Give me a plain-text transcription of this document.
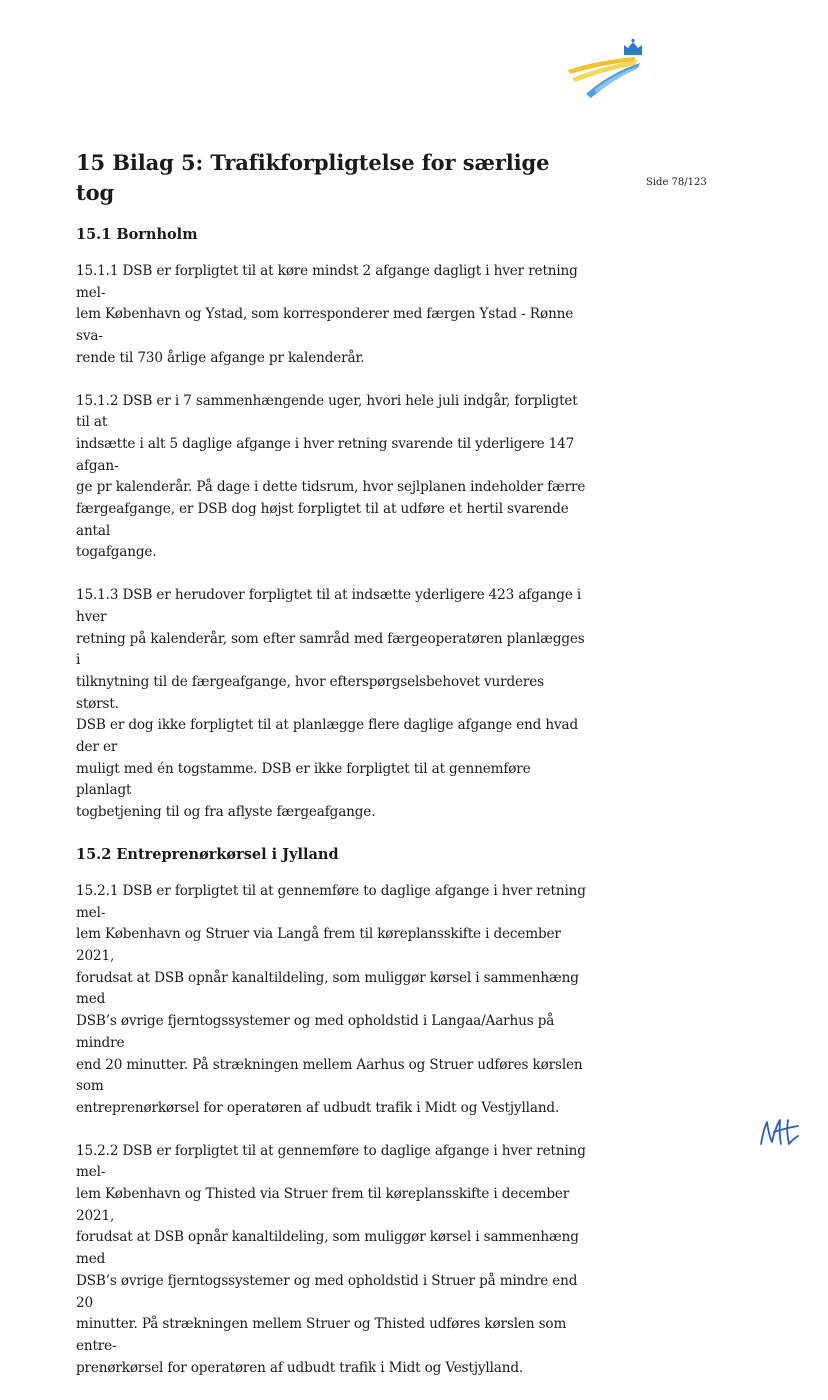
Side 78/123
15 Bilag 5: Trafikforpligtelse for særlige tog
15.1 Bornholm

15.1.1 DSB er forpligtet til at køre mindst 2 afgange dagligt i hver retning mel-
lem København og Ystad, som korresponderer med færgen Ystad - Rønne sva-
rende til 730 årlige afgange pr kalenderår.

15.1.2 DSB er i 7 sammenhængende uger, hvori hele juli indgår, forpligtet til at
indsætte i alt 5 daglige afgange i hver retning svarende til yderligere 147 afgan-
ge pr kalenderår. På dage i dette tidsrum, hvor sejlplanen indeholder færre
færgeafgange, er DSB dog højst forpligtet til at udføre et hertil svarende antal
togafgange.

15.1.3 DSB er herudover forpligtet til at indsætte yderligere 423 afgange i hver
retning på kalenderår, som efter samråd med færgeoperatøren planlægges i
tilknytning til de færgeafgange, hvor efterspørgselsbehovet vurderes størst.
DSB er dog ikke forpligtet til at planlægge flere daglige afgange end hvad der er
muligt med én togstamme. DSB er ikke forpligtet til at gennemføre planlagt
togbetjening til og fra aflyste færgeafgange.

15.2 Entreprenørkørsel i Jylland

15.2.1 DSB er forpligtet til at gennemføre to daglige afgange i hver retning mel-
lem København og Struer via Langå frem til køreplansskifte i december 2021,
forudsat at DSB opnår kanaltildeling, som muliggør kørsel i sammenhæng med
DSB’s øvrige fjerntogssystemer og med opholdstid i Langaa/Aarhus på mindre
end 20 minutter. På strækningen mellem Aarhus og Struer udføres kørslen som
entreprenørkørsel for operatøren af udbudt trafik i Midt og Vestjylland.

15.2.2 DSB er forpligtet til at gennemføre to daglige afgange i hver retning mel-
lem København og Thisted via Struer frem til køreplansskifte i december 2021,
forudsat at DSB opnår kanaltildeling, som muliggør kørsel i sammenhæng med
DSB’s øvrige fjerntogssystemer og med opholdstid i Struer på mindre end 20
minutter. På strækningen mellem Struer og Thisted udføres kørslen som entre-
prenørkørsel for operatøren af udbudt trafik i Midt og Vestjylland.
